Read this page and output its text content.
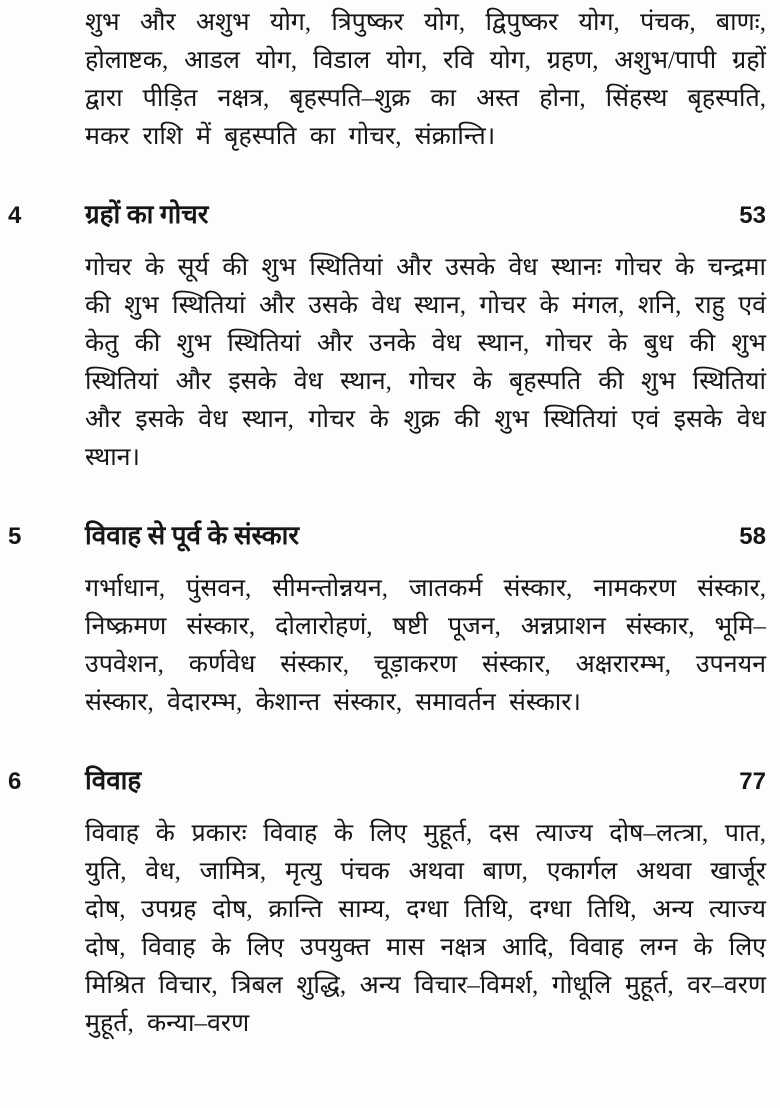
शुभ और अशुभ योग, त्रिपुष्कर योग, द्विपुष्कर योग, पंचक, बाणः, होलाष्टक, आडल योग, विडाल योग, रवि योग, ग्रहण, अशुभ/पापी ग्रहों द्वारा पीड़ित नक्षत्र, बृहस्पति–शुक्र का अस्त होना, सिंहस्थ बृहस्पति, मकर राशि में बृहस्पति का गोचर, संक्रान्ति।

4	ग्रहों का गोचर	53

गोचर के सूर्य की शुभ स्थितियां और उसके वेध स्थानः गोचर के चन्द्रमा की शुभ स्थितियां और उसके वेध स्थान, गोचर के मंगल, शनि, राहु एवं केतु की शुभ स्थितियां और उनके वेध स्थान, गोचर के बुध की शुभ स्थितियां और इसके वेध स्थान, गोचर के बृहस्पति की शुभ स्थितियां और इसके वेध स्थान, गोचर के शुक्र की शुभ स्थितियां एवं इसके वेध स्थान।

5	विवाह से पूर्व के संस्कार	58

गर्भाधान, पुंसवन, सीमन्तोन्नयन, जातकर्म संस्कार, नामकरण संस्कार, निष्क्रमण संस्कार, दोलारोहणं, षष्टी पूजन, अन्नप्राशन संस्कार, भूमि–उपवेशन, कर्णवेध संस्कार, चूड़ाकरण संस्कार, अक्षरारम्भ, उपनयन संस्कार, वेदारम्भ, केशान्त संस्कार, समावर्तन संस्कार।

6	विवाह	77

विवाह के प्रकारः विवाह के लिए मुहूर्त, दस त्याज्य दोष–लत्त्रा, पात, युति, वेध, जामित्र, मृत्यु पंचक अथवा बाण, एकार्गल अथवा खार्जूर दोष, उपग्रह दोष, क्रान्ति साम्य, दग्धा तिथि, दग्धा तिथि, अन्य त्याज्य दोष, विवाह के लिए उपयुक्त मास नक्षत्र आदि, विवाह लग्न के लिए मिश्रित विचार, त्रिबल शुद्धि, अन्य विचार–विमर्श, गोधूलि मुहूर्त, वर–वरण मुहूर्त, कन्या–वरण
